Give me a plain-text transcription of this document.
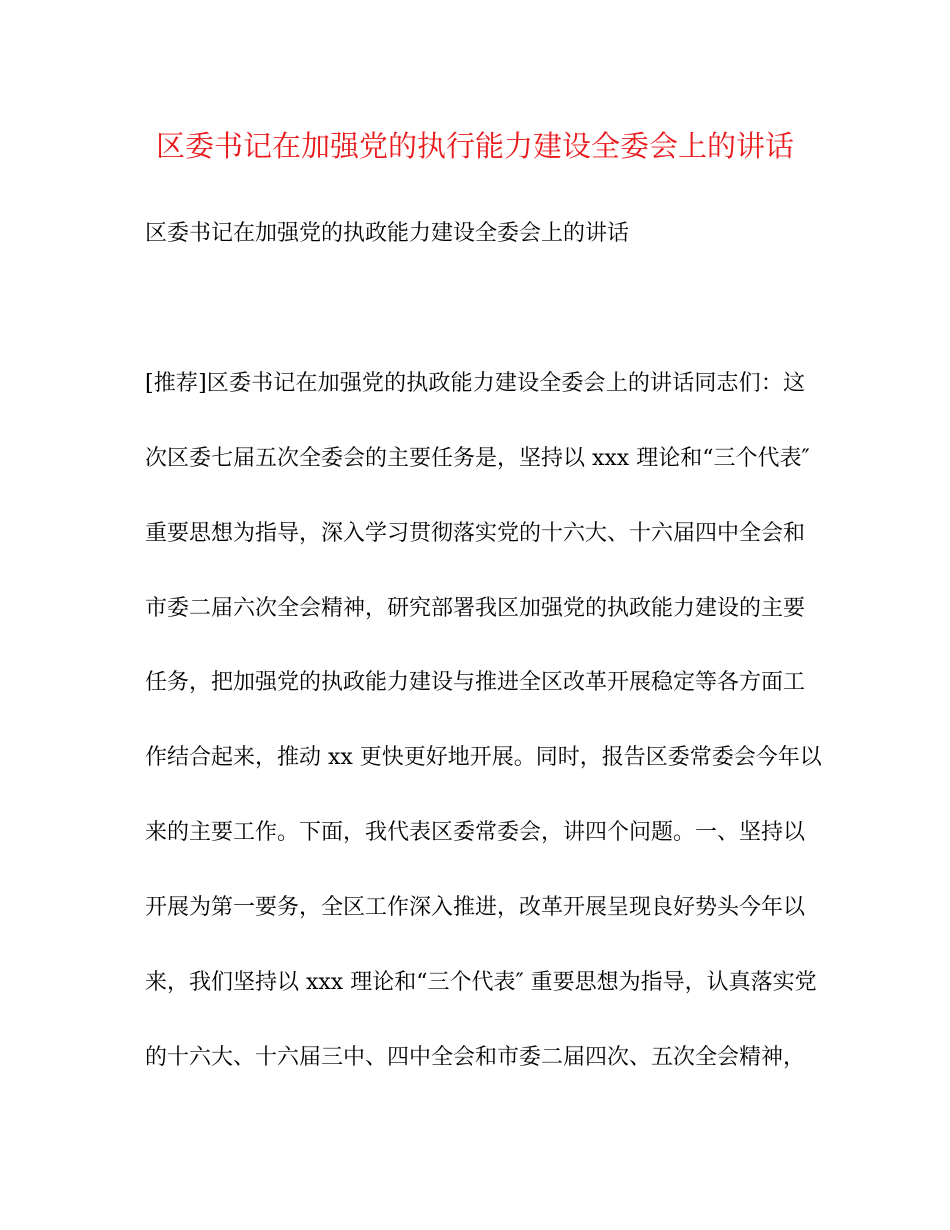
区委书记在加强党的执行能力建设全委会上的讲话
区委书记在加强党的执政能力建设全委会上的讲话
[推荐]区委书记在加强党的执政能力建设全委会上的讲话同志们：这
次区委七届五次全委会的主要任务是，坚持以 xxx 理论和“三个代表″
重要思想为指导，深入学习贯彻落实党的十六大、十六届四中全会和
市委二届六次全会精神，研究部署我区加强党的执政能力建设的主要
任务，把加强党的执政能力建设与推进全区改革开展稳定等各方面工
作结合起来，推动 xx 更快更好地开展。同时，报告区委常委会今年以
来的主要工作。下面，我代表区委常委会，讲四个问题。一、坚持以
开展为第一要务，全区工作深入推进，改革开展呈现良好势头今年以
来，我们坚持以 xxx 理论和“三个代表″ 重要思想为指导，认真落实党
的十六大、十六届三中、四中全会和市委二届四次、五次全会精神，
